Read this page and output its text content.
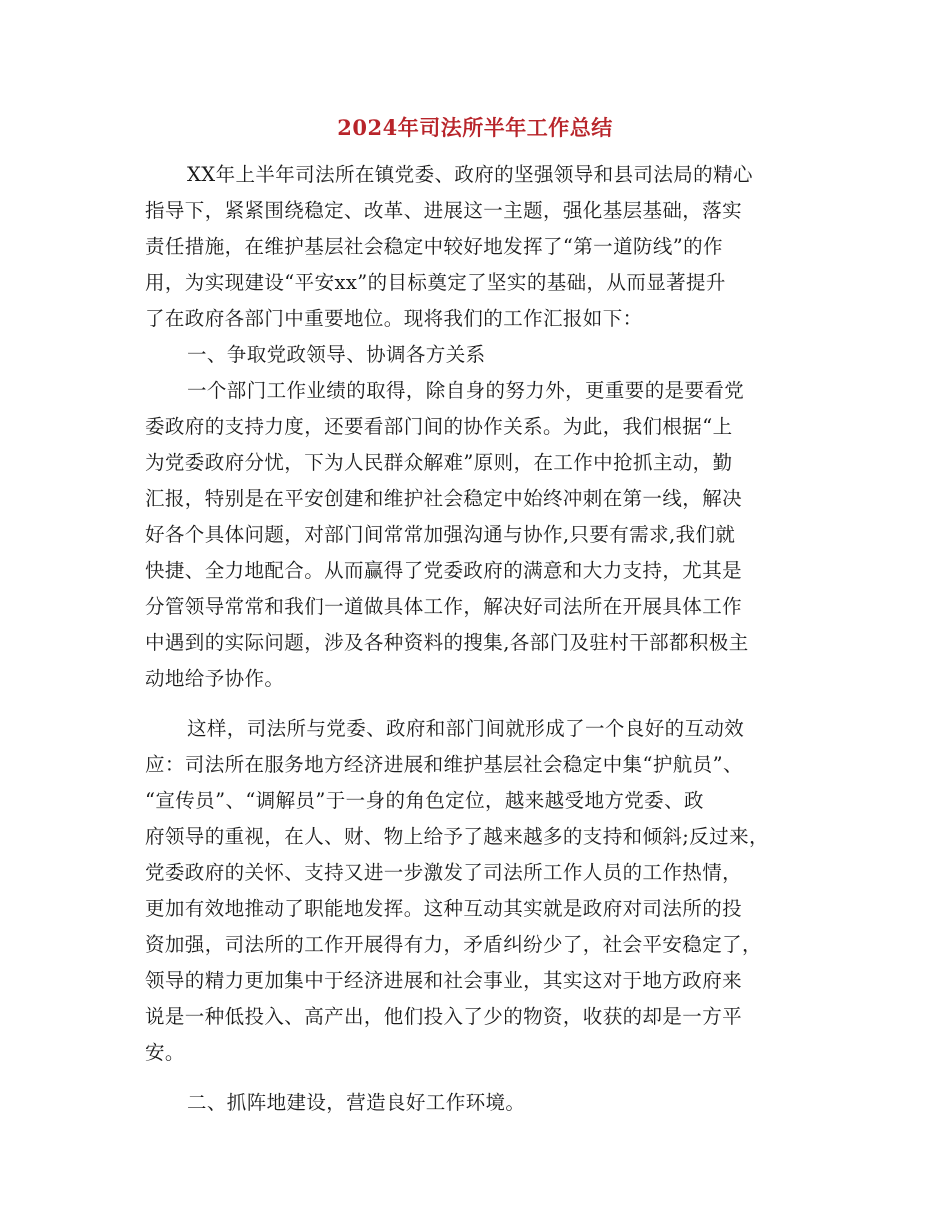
2024年司法所半年工作总结
XX年上半年司法所在镇党委、政府的坚强领导和县司法局的精心
指导下，紧紧围绕稳定、改革、进展这一主题，强化基层基础，落实
责任措施，在维护基层社会稳定中较好地发挥了“第一道防线”的作
用，为实现建设“平安xx”的目标奠定了坚实的基础，从而显著提升
了在政府各部门中重要地位。现将我们的工作汇报如下：
一、争取党政领导、协调各方关系
一个部门工作业绩的取得，除自身的努力外，更重要的是要看党
委政府的支持力度，还要看部门间的协作关系。为此，我们根据“上
为党委政府分忧，下为人民群众解难”原则，在工作中抢抓主动，勤
汇报，特别是在平安创建和维护社会稳定中始终冲刺在第一线，解决
好各个具体问题，对部门间常常加强沟通与协作,只要有需求,我们就
快捷、全力地配合。从而赢得了党委政府的满意和大力支持，尤其是
分管领导常常和我们一道做具体工作，解决好司法所在开展具体工作
中遇到的实际问题，涉及各种资料的搜集,各部门及驻村干部都积极主
动地给予协作。
这样，司法所与党委、政府和部门间就形成了一个良好的互动效
应：司法所在服务地方经济进展和维护基层社会稳定中集“护航员”、
“宣传员”、“调解员”于一身的角色定位，越来越受地方党委、政
府领导的重视，在人、财、物上给予了越来越多的支持和倾斜;反过来，
党委政府的关怀、支持又进一步激发了司法所工作人员的工作热情，
更加有效地推动了职能地发挥。这种互动其实就是政府对司法所的投
资加强，司法所的工作开展得有力，矛盾纠纷少了，社会平安稳定了，
领导的精力更加集中于经济进展和社会事业，其实这对于地方政府来
说是一种低投入、高产出，他们投入了少的物资，收获的却是一方平
安。
二、抓阵地建设，营造良好工作环境。
